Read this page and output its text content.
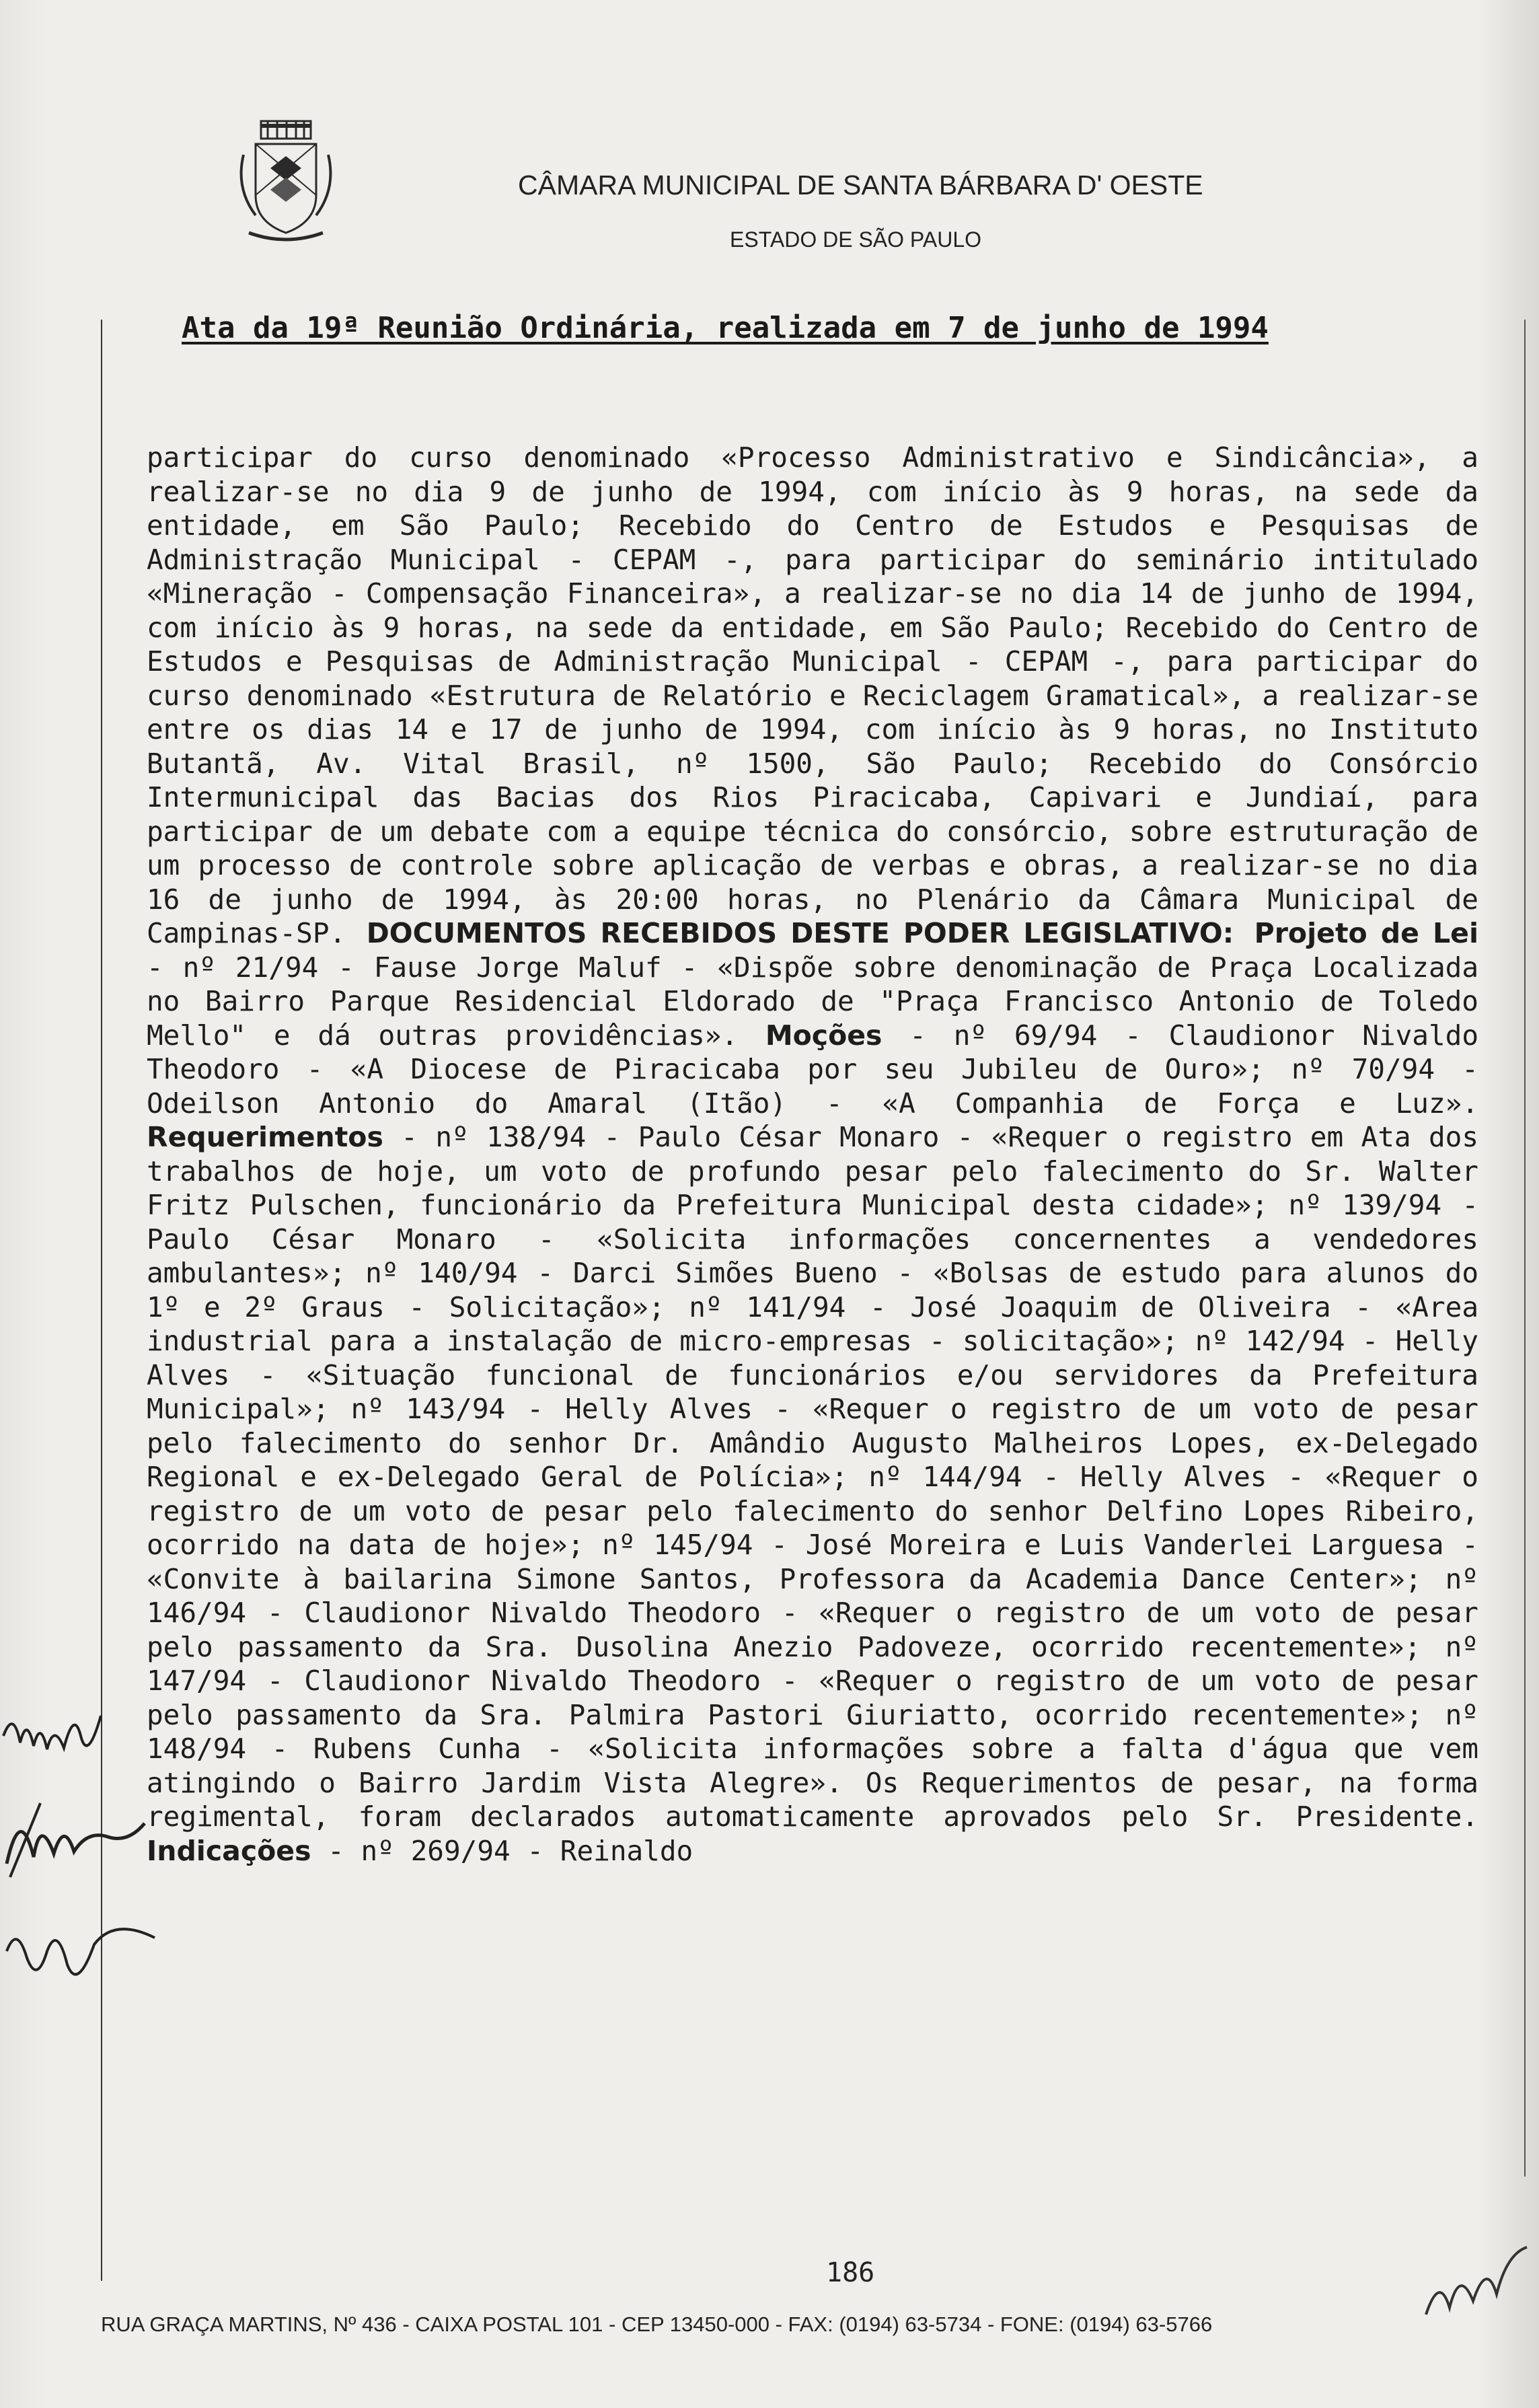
CÂMARA MUNICIPAL DE SANTA BÁRBARA D' OESTE
ESTADO DE SÃO PAULO
Ata da 19ª Reunião Ordinária, realizada em 7 de junho de 1994

participar do curso denominado «Processo Administrativo e Sindicância», a realizar-se no dia 9 de junho de 1994, com início às 9 horas, na sede da entidade, em São Paulo; Recebido do Centro de Estudos e Pesquisas de Administração Municipal - CEPAM -, para participar do seminário intitulado «Mineração - Compensação Financeira», a realizar-se no dia 14 de junho de 1994, com início às 9 horas, na sede da entidade, em São Paulo; Recebido do Centro de Estudos e Pesquisas de Administração Municipal - CEPAM -, para participar do curso denominado «Estrutura de Relatório e Reciclagem Gramatical», a realizar-se entre os dias 14 e 17 de junho de 1994, com início às 9 horas, no Instituto Butantã, Av. Vital Brasil, nº 1500, São Paulo; Recebido do Consórcio Intermunicipal das Bacias dos Rios Piracicaba, Capivari e Jundiaí, para participar de um debate com a equipe técnica do consórcio, sobre estruturação de um processo de controle sobre aplicação de verbas e obras, a realizar-se no dia 16 de junho de 1994, às 20:00 horas, no Plenário da Câmara Municipal de Campinas-SP. DOCUMENTOS RECEBIDOS DESTE PODER LEGISLATIVO: Projeto de Lei - nº 21/94 - Fause Jorge Maluf - «Dispõe sobre denominação de Praça Localizada no Bairro Parque Residencial Eldorado de "Praça Francisco Antonio de Toledo Mello" e dá outras providências». Moções - nº 69/94 - Claudionor Nivaldo Theodoro - «A Diocese de Piracicaba por seu Jubileu de Ouro»; nº 70/94 - Odeilson Antonio do Amaral (Itão) - «A Companhia de Força e Luz». Requerimentos - nº 138/94 - Paulo César Monaro - «Requer o registro em Ata dos trabalhos de hoje, um voto de profundo pesar pelo falecimento do Sr. Walter Fritz Pulschen, funcionário da Prefeitura Municipal desta cidade»; nº 139/94 - Paulo César Monaro - «Solicita informações concernentes a vendedores ambulantes»; nº 140/94 - Darci Simões Bueno - «Bolsas de estudo para alunos do 1º e 2º Graus - Solicitação»; nº 141/94 - José Joaquim de Oliveira - «Area industrial para a instalação de micro-empresas - solicitação»; nº 142/94 - Helly Alves - «Situação funcional de funcionários e/ou servidores da Prefeitura Municipal»; nº 143/94 - Helly Alves - «Requer o registro de um voto de pesar pelo falecimento do senhor Dr. Amândio Augusto Malheiros Lopes, ex-Delegado Regional e ex-Delegado Geral de Polícia»; nº 144/94 - Helly Alves - «Requer o registro de um voto de pesar pelo falecimento do senhor Delfino Lopes Ribeiro, ocorrido na data de hoje»; nº 145/94 - José Moreira e Luis Vanderlei Larguesa - «Convite à bailarina Simone Santos, Professora da Academia Dance Center»; nº 146/94 - Claudionor Nivaldo Theodoro - «Requer o registro de um voto de pesar pelo passamento da Sra. Dusolina Anezio Padoveze, ocorrido recentemente»; nº 147/94 - Claudionor Nivaldo Theodoro - «Requer o registro de um voto de pesar pelo passamento da Sra. Palmira Pastori Giuriatto, ocorrido recentemente»; nº 148/94 - Rubens Cunha - «Solicita informações sobre a falta d'água que vem atingindo o Bairro Jardim Vista Alegre». Os Requerimentos de pesar, na forma regimental, foram declarados automaticamente aprovados pelo Sr. Presidente. Indicações - nº 269/94 - Reinaldo

186
RUA GRAÇA MARTINS, Nº 436 - CAIXA POSTAL 101 - CEP 13450-000 - FAX: (0194) 63-5734 - FONE: (0194) 63-5766
